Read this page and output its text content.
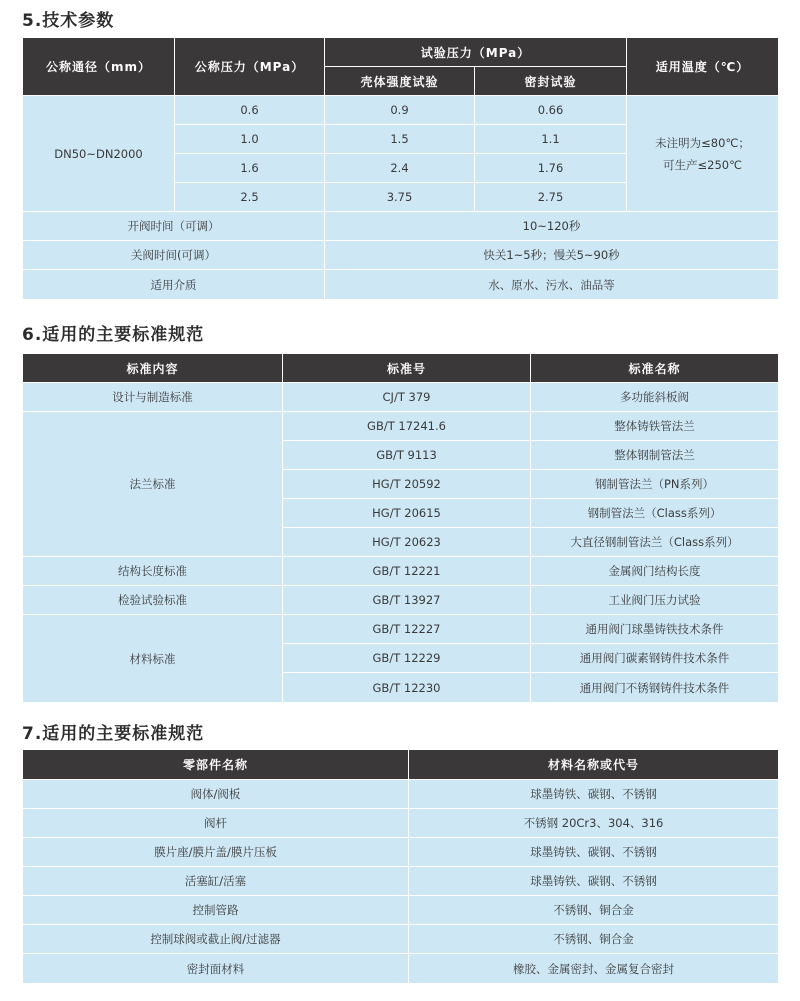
5.技术参数
公称通径（mm）	公称压力（MPa）	试验压力（MPa）		适用温度（℃）
		壳体强度试验	密封试验	
DN50~DN2000	0.6	0.9	0.66	未注明为≤80℃；
可生产≤250℃

	1.0	1.5	1.1	
	1.6	2.4	1.76	
	2.5	3.75	2.75	
开阀时间（可调）		10~120秒		
关阀时间(可调）		快关1~5秒；慢关5~90秒		
适用介质		水、原水、污水、油品等		
6.适用的主要标准规范
标准内容	标准号	标准名称
设计与制造标准	CJ/T 379	多功能斜板阀
法兰标准	GB/T 17241.6	整体铸铁管法兰
	GB/T 9113	整体钢制管法兰
	HG/T 20592	钢制管法兰（PN系列）
	HG/T 20615	钢制管法兰（Class系列）
	HG/T 20623	大直径钢制管法兰（Class系列）
结构长度标准	GB/T 12221	金属阀门结构长度
检验试验标准	GB/T 13927	工业阀门压力试验
材料标准	GB/T 12227	通用阀门球墨铸铁技术条件
	GB/T 12229	通用阀门碳素钢铸件技术条件
	GB/T 12230	通用阀门不锈钢铸件技术条件
7.适用的主要标准规范
零部件名称	材料名称或代号
阀体/阀板	球墨铸铁、碳钢、不锈钢
阀杆	不锈钢 20Cr3、304、316
膜片座/膜片盖/膜片压板	球墨铸铁、碳钢、不锈钢
活塞缸/活塞	球墨铸铁、碳钢、不锈钢
控制管路	不锈钢、铜合金
控制球阀或截止阀/过滤器	不锈钢、铜合金
密封面材料	橡胶、金属密封、金属复合密封
